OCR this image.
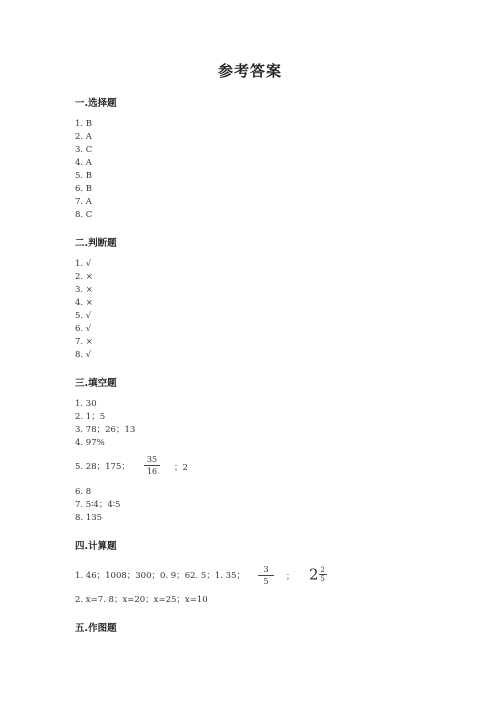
参考答案
一.选择题
1. B
2. A
3. C
4. A
5. B
6. B
7. A
8. C
二.判断题
1. √
2. ×
3. ×
4. ×
5. √
6. √
7. ×
8. √
三.填空题
1. 30
2. 1；5
3. 78；26；13
4. 97%
5. 28；175； $\frac{35}{16}$ ；2
6. 8
7. 5∶4；4∶5
8. 135
四.计算题
1. 46；1008；300；0. 9；62. 5；1. 35； $\frac{3}{5}$ ； $2 \frac{2}{5}$
2. x=7. 8；x=20；x=25；x=10
五.作图题
